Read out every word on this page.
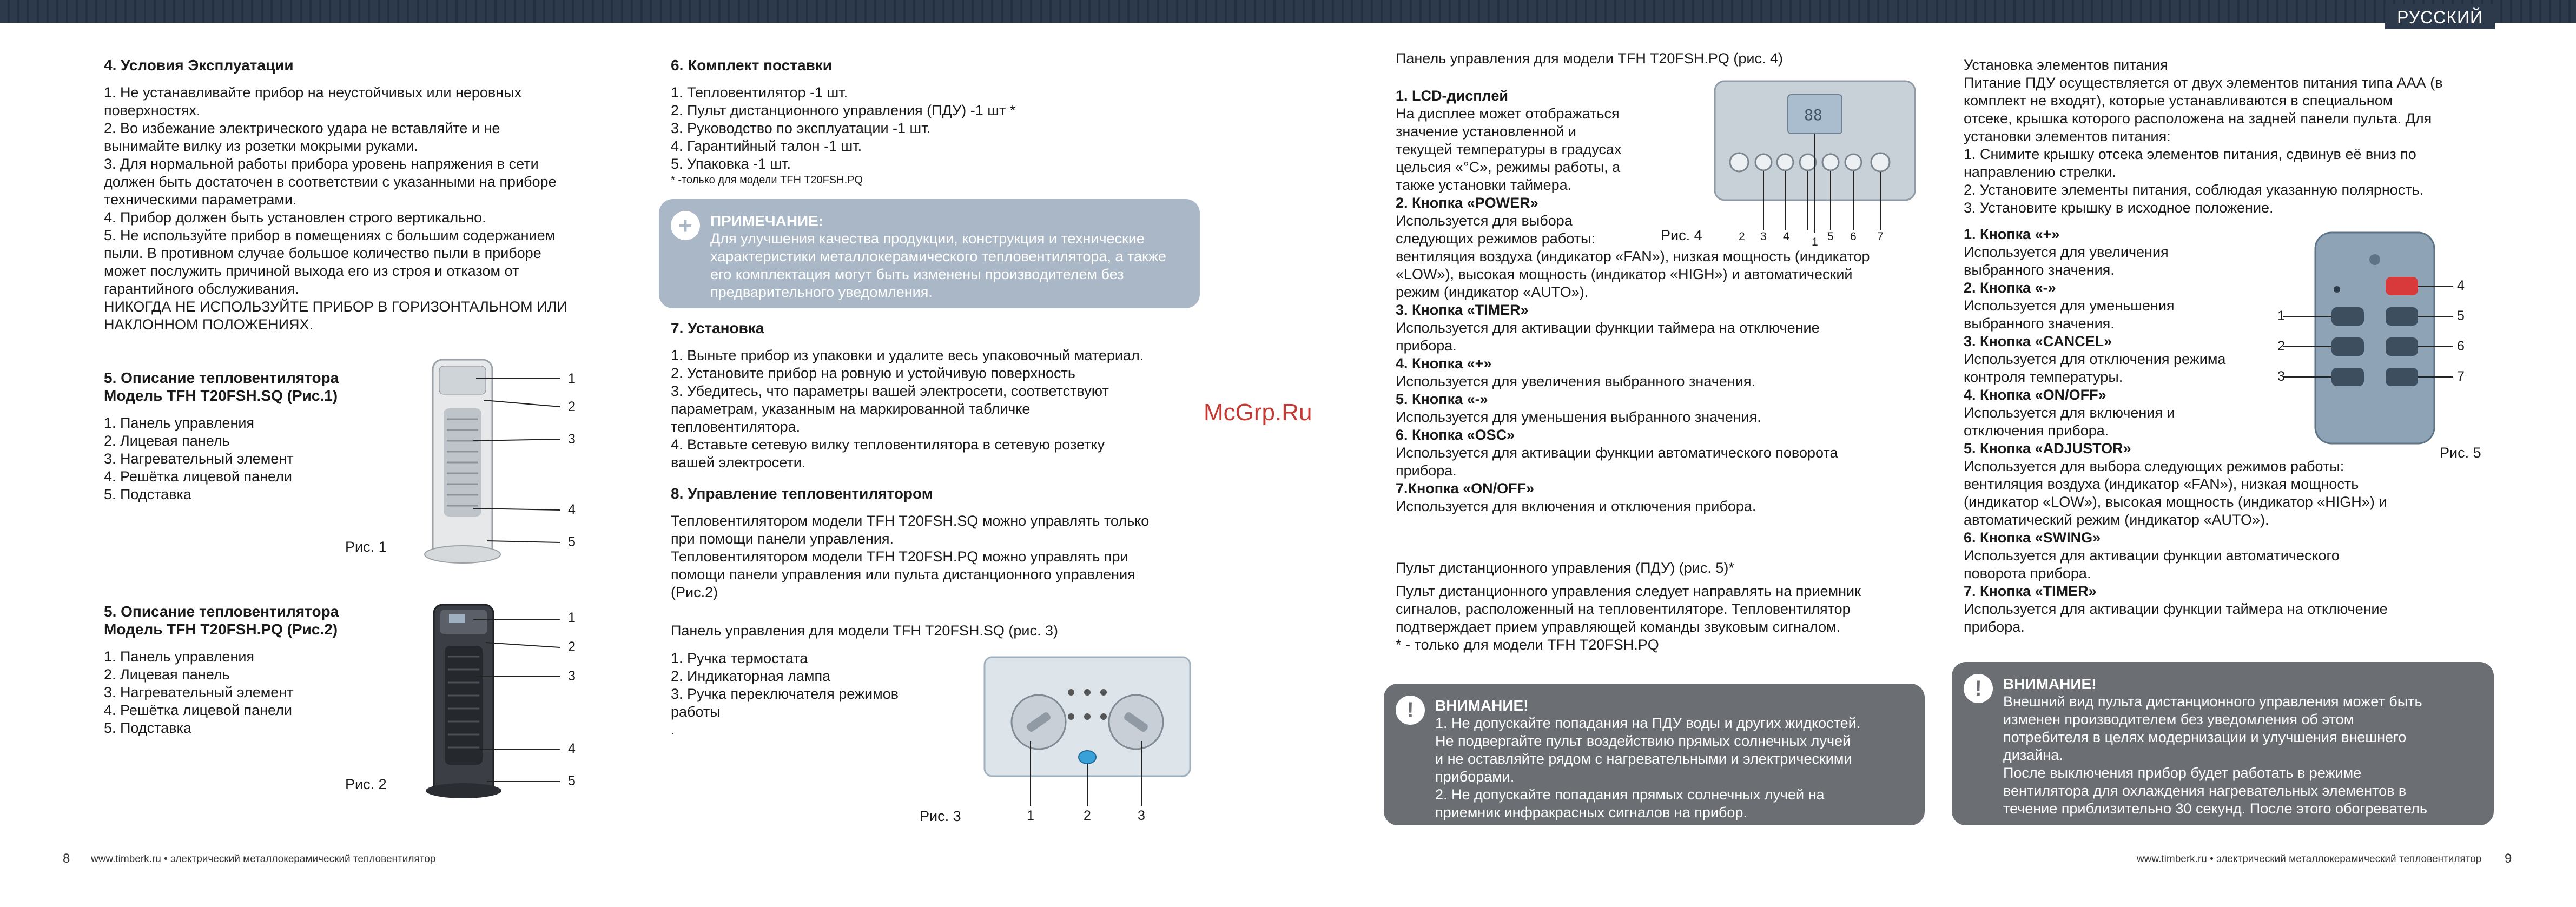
РУССКИЙ
4. Условия Эксплуатации
1. Не устанавливайте прибор на неустойчивых или неровных
поверхностях.
2. Во избежание электрического удара не вставляйте и не
вынимайте вилку из розетки мокрыми руками.
3. Для нормальной работы прибора уровень напряжения в сети
должен быть достаточен в соответствии с указанными на приборе
техническими параметрами.
4. Прибор должен быть установлен строго вертикально.
5. Не используйте прибор в помещениях с большим содержанием
пыли. В противном случае большое количество пыли в приборе
может послужить причиной выхода его из строя и отказом от
гарантийного обслуживания.
НИКОГДА НЕ ИСПОЛЬЗУЙТЕ ПРИБОР В ГОРИЗОНТАЛЬНОМ ИЛИ
НАКЛОННОМ ПОЛОЖЕНИЯХ.
5. Описание тепловентилятора
Модель TFH T20FSH.SQ (Рис.1)
1. Панель управления
2. Лицевая панель
3. Нагревательный элемент
4. Решётка лицевой панели
5. Подставка
1
2
3
4
5
Рис. 1
5. Описание тепловентилятора
Модель TFH T20FSH.PQ (Рис.2)
1. Панель управления
2. Лицевая панель
3. Нагревательный элемент
4. Решётка лицевой панели
5. Подставка
1
2
3
4
5
Рис. 2
6. Комплект поставки
1. Тепловентилятор -1 шт.
2. Пульт дистанционного управления (ПДУ) -1 шт *
3. Руководство по эксплуатации -1 шт.
4. Гарантийный талон -1 шт.
5. Упаковка -1 шт.
* -только для модели TFH T20FSH.PQ
+	ПРИМЕЧАНИЕ:
Для улучшения качества продукции, конструкция и технические
характеристики металлокерамического тепловентилятора, а также
его комплектация могут быть изменены производителем без
предварительного уведомления.
7. Установка
1. Выньте прибор из упаковки и удалите весь упаковочный материал.
2. Установите прибор на ровную и устойчивую поверхность
3. Убедитесь, что параметры вашей электросети, соответствуют
параметрам, указанным на маркированной табличке
тепловентилятора.
4. Вставьте сетевую вилку тепловентилятора в сетевую розетку
вашей электросети.
8. Управление тепловентилятором
Тепловентилятором модели TFH T20FSH.SQ можно управлять только
при помощи панели управления.
Тепловентилятором модели TFH T20FSH.PQ можно управлять при
помощи панели управления или пульта дистанционного управления
(Рис.2)
Панель управления для модели TFH T20FSH.SQ (рис. 3)
1. Ручка термостата
2. Индикаторная лампа
3. Ручка переключателя режимов
работы
.
1	2	3
Рис. 3
Панель управления для модели TFH T20FSH.PQ (рис. 4)
1. LCD-дисплей
На дисплее может отображаться
значение установленной и
текущей температуры в градусах
цельсия «°С», режимы работы, а
также установки таймера.
2. Кнопка «POWER»
Используется для выбора
следующих режимов работы:
вентиляция воздуха (индикатор «FAN»), низкая мощность (индикатор
«LOW»), высокая мощность (индикатор «HIGH») и автоматический
режим (индикатор «AUTO»).
3. Кнопка «TIMER»
Используется для активации функции таймера на отключение
прибора.
4. Кнопка «+»
Используется для увеличения выбранного значения.
5. Кнопка «-»
Используется для уменьшения выбранного значения.
6. Кнопка «OSC»
Используется для активации функции автоматического поворота
прибора.
7.Кнопка «ON/OFF»
Используется для включения и отключения прибора.
88
1
2 3 4	5 6 7
Рис. 4
Пульт дистанционного управления (ПДУ) (рис. 5)*
Пульт дистанционного управления следует направлять на приемник
сигналов, расположенный на тепловентиляторе. Тепловентилятор
подтверждает прием управляющей команды звуковым сигналом.
* - только для модели TFH T20FSH.PQ
!	ВНИМАНИЕ!
1. Не допускайте попадания на ПДУ воды и других жидкостей.
Не подвергайте пульт воздействию прямых солнечных лучей
и не оставляйте рядом с нагревательными и электрическими
приборами.
2. Не допускайте попадания прямых солнечных лучей на
приемник инфракрасных сигналов на прибор.
Установка элементов питания
Питание ПДУ осуществляется от двух элементов питания типа ААА (в
комплект не входят), которые устанавливаются в специальном
отсеке, крышка которого расположена на задней панели пульта. Для
установки элементов питания:
1. Снимите крышку отсека элементов питания, сдвинув её вниз по
направлению стрелки.
2. Установите элементы питания, соблюдая указанную полярность.
3. Установите крышку в исходное положение.
1. Кнопка «+»
Используется для увеличения
выбранного значения.
2. Кнопка «-»
Используется для уменьшения
выбранного значения.
3. Кнопка «CANCEL»
Используется для отключения режима
контроля температуры.
4. Кнопка «ON/OFF»
Используется для включения и
отключения прибора.
5. Кнопка «ADJUSTOR»
Используется для выбора следующих режимов работы:
вентиляция воздуха (индикатор «FAN»), низкая мощность
(индикатор «LOW»), высокая мощность (индикатор «HIGH») и
автоматический режим (индикатор «AUTO»).
6. Кнопка «SWING»
Используется для активации функции автоматического
поворота прибора.
7. Кнопка «TIMER»
Используется для активации функции таймера на отключение
прибора.
1
2
3
4
5
6
7
Рис. 5
!	ВНИМАНИЕ!
Внешний вид пульта дистанционного управления может быть
изменен производителем без уведомления об этом
потребителя в целях модернизации и улучшения внешнего
дизайна.
После выключения прибор будет работать в режиме
вентилятора для охлаждения нагревательных элементов в
течение приблизительно 30 секунд. После этого обогреватель
McGrp.Ru
8 www.timberk.ru • электрический металлокерамический тепловентилятор	www.timberk.ru • электрический металлокерамический тепловентилятор 9
